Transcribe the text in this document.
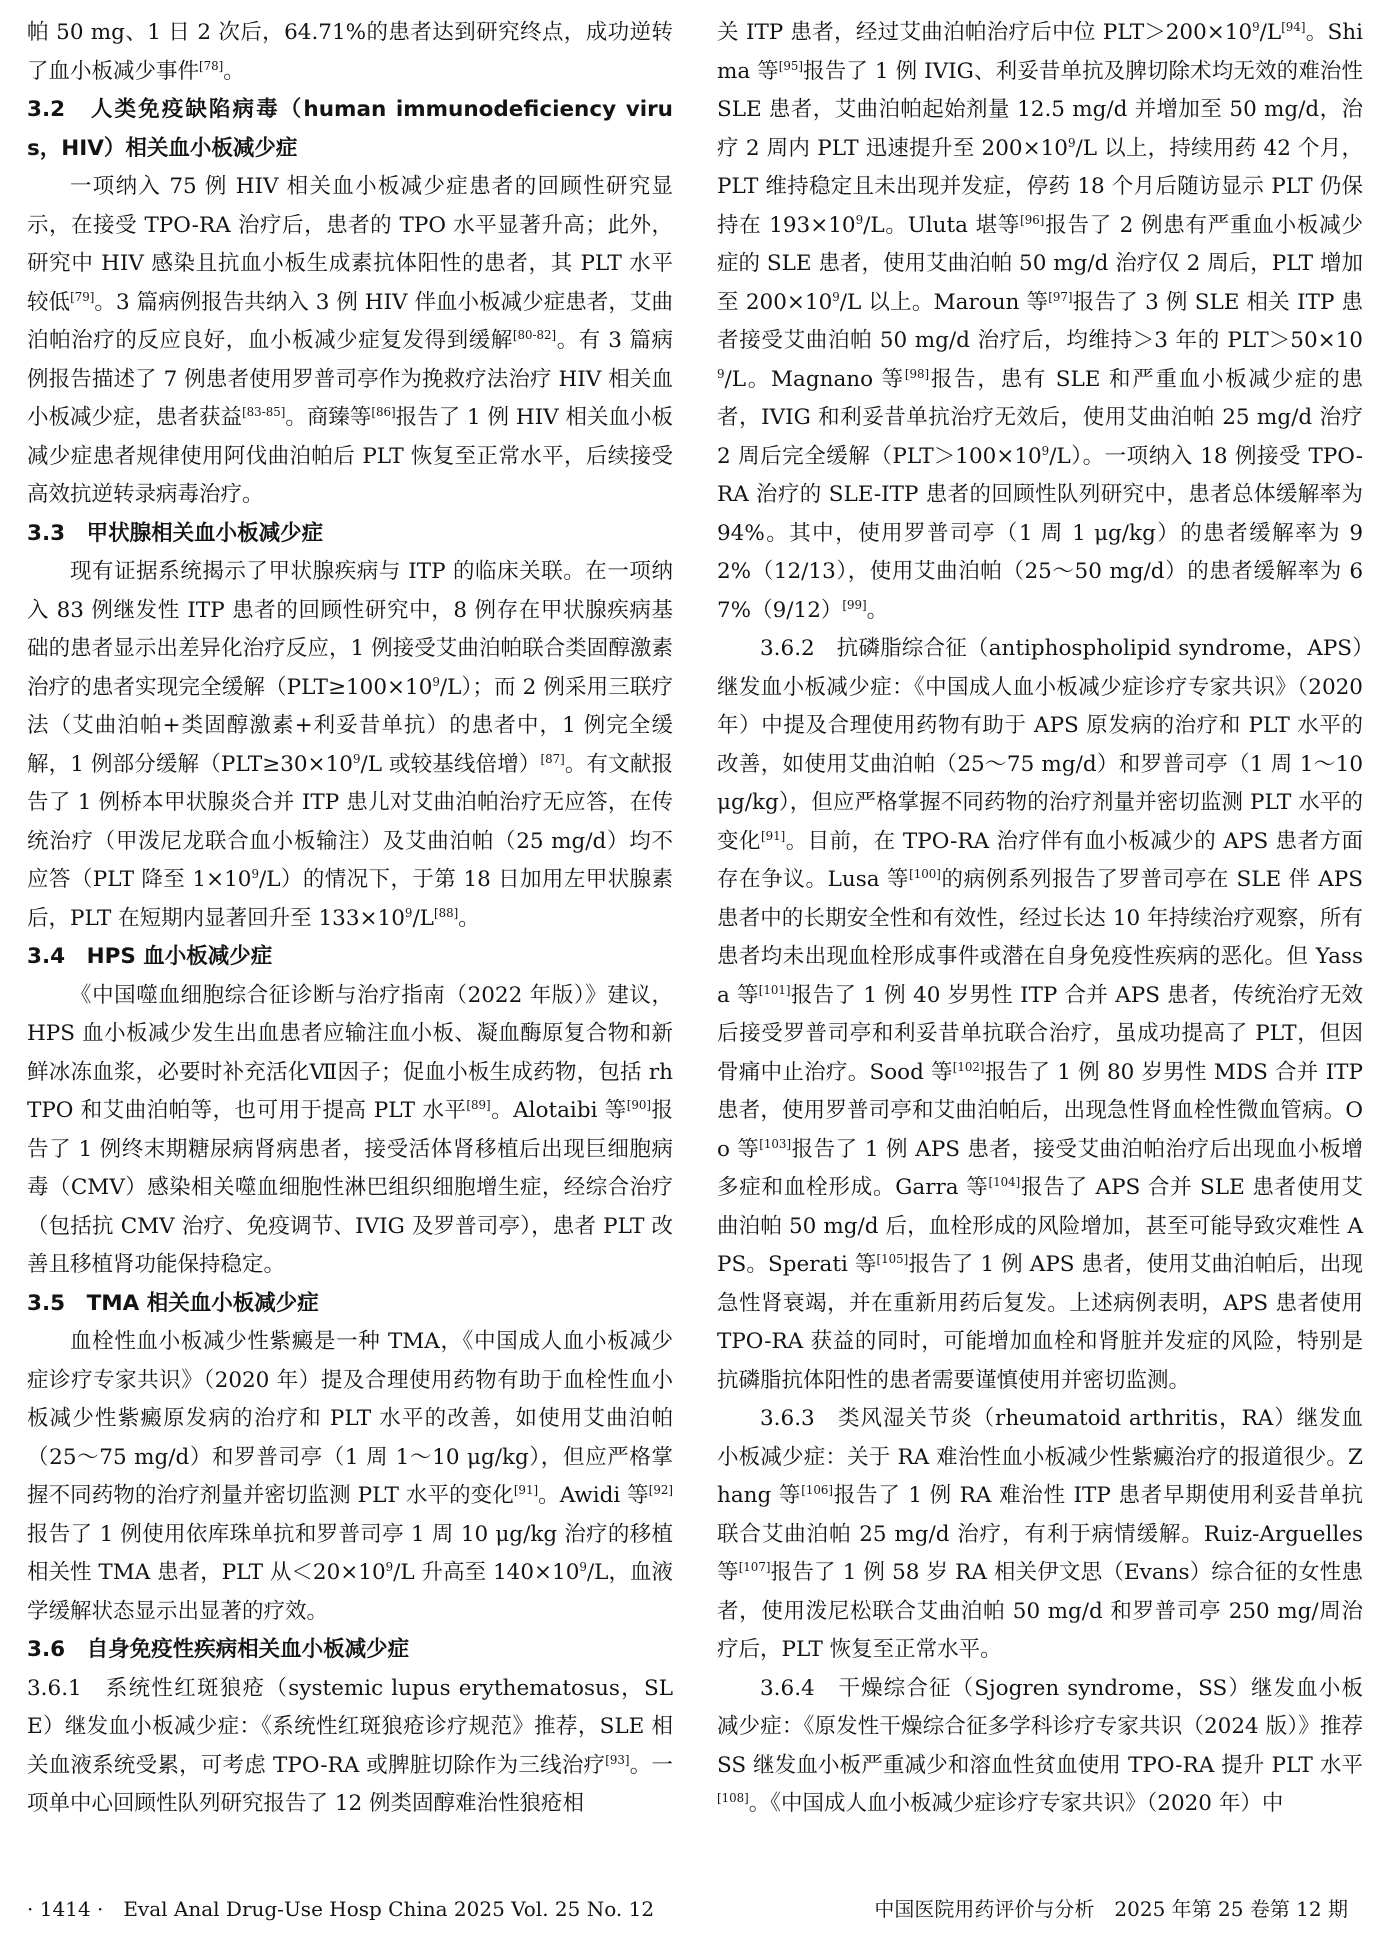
帕 50 mg、1 日 2 次后，64.71%的患者达到研究终点，成功逆转了血小板减少事件[78]。

3.2　人类免疫缺陷病毒（human immunodeficiency virus，HIV）相关血小板减少症

一项纳入 75 例 HIV 相关血小板减少症患者的回顾性研究显示，在接受 TPO-RA 治疗后，患者的 TPO 水平显著升高；此外，研究中 HIV 感染且抗血小板生成素抗体阳性的患者，其 PLT 水平较低[79]。3 篇病例报告共纳入 3 例 HIV 伴血小板减少症患者，艾曲泊帕治疗的反应良好，血小板减少症复发得到缓解[80-82]。有 3 篇病例报告描述了 7 例患者使用罗普司亭作为挽救疗法治疗 HIV 相关血小板减少症，患者获益[83-85]。商臻等[86]报告了 1 例 HIV 相关血小板减少症患者规律使用阿伐曲泊帕后 PLT 恢复至正常水平，后续接受高效抗逆转录病毒治疗。

3.3　甲状腺相关血小板减少症

现有证据系统揭示了甲状腺疾病与 ITP 的临床关联。在一项纳入 83 例继发性 ITP 患者的回顾性研究中，8 例存在甲状腺疾病基础的患者显示出差异化治疗反应，1 例接受艾曲泊帕联合类固醇激素治疗的患者实现完全缓解$(PLT\ge 100\times 10^9/L)$；而 2 例采用三联疗法（艾曲泊帕+类固醇激素+利妥昔单抗）的患者中，1 例完全缓解，1 例部分缓解（$PLT\ge 30\times 10^9/L$ 或较基线倍增）[87]。有文献报告了 1 例桥本甲状腺炎合并 ITP 患儿对艾曲泊帕治疗无应答，在传统治疗（甲泼尼龙联合血小板输注）及艾曲泊帕（25 mg/d）均不应答（PLT 降至 $1\times 10^9/L$）的情况下，于第 18 日加用左甲状腺素后，PLT 在短期内显著回升至 $133\times 10^9/L[88]$。

3.4　HPS 血小板减少症

《中国噬血细胞综合征诊断与治疗指南（2022 年版）》建议，HPS 血小板减少发生出血患者应输注血小板、凝血酶原复合物和新鲜冰冻血浆，必要时补充活化Ⅶ因子；促血小板生成药物，包括 rhTPO 和艾曲泊帕等，也可用于提高 PLT 水平[89]。Alotaibi 等[90]报告了 1 例终末期糖尿病肾病患者，接受活体肾移植后出现巨细胞病毒（CMV）感染相关噬血细胞性淋巴组织细胞增生症，经综合治疗（包括抗 CMV 治疗、免疫调节、IVIG 及罗普司亭），患者 PLT 改善且移植肾功能保持稳定。

3.5　TMA 相关血小板减少症

血栓性血小板减少性紫癜是一种 TMA，《中国成人血小板减少症诊疗专家共识》（2020 年）提及合理使用药物有助于血栓性血小板减少性紫癜原发病的治疗和 PLT 水平的改善，如使用艾曲泊帕（25～75 mg/d）和罗普司亭（1 周 1～10 μg/kg），但应严格掌握不同药物的治疗剂量并密切监测 PLT 水平的变化[91]。Awidi 等[92]报告了 1 例使用依库珠单抗和罗普司亭 1 周 10 μg/kg 治疗的移植相关性 TMA 患者，PLT 从$<20\times 10^9/L$ 升高至 $140\times 10^9/L$，血液学缓解状态显示出显著的疗效。

3.6　自身免疫性疾病相关血小板减少症

3.6.1　系统性红斑狼疮（systemic lupus erythematosus，SLE）继发血小板减少症：《系统性红斑狼疮诊疗规范》推荐，SLE 相关血液系统受累，可考虑 TPO-RA 或脾脏切除作为三线治疗[93]。一项单中心回顾性队列研究报告了 12 例类固醇难治性狼疮相

关 ITP 患者，经过艾曲泊帕治疗后中位 $PLT>200\times 10^9/L[94]$。Shima 等[95]报告了 1 例 IVIG、利妥昔单抗及脾切除术均无效的难治性 SLE 患者，艾曲泊帕起始剂量 12.5 mg/d 并增加至 50 mg/d，治疗 2 周内 PLT 迅速提升至 $200\times 10^9/L$ 以上，持续用药 42 个月，PLT 维持稳定且未出现并发症，停药 18 个月后随访显示 PLT 仍保持在 $193\times 10^9/L$。Uluta 堪等[96]报告了 2 例患有严重血小板减少症的 SLE 患者，使用艾曲泊帕 50 mg/d 治疗仅 2 周后，PLT 增加至 $200\times 10^9/L$ 以上。Maroun 等[97]报告了 3 例 SLE 相关 ITP 患者接受艾曲泊帕 50 mg/d 治疗后，均维持＞3 年的 $PLT>50\times 10^9/L$。Magnano 等[98]报告，患有 SLE 和严重血小板减少症的患者，IVIG 和利妥昔单抗治疗无效后，使用艾曲泊帕 25 mg/d 治疗 2 周后完全缓解$(PLT>100\times 10^9/L)$。一项纳入 18 例接受 TPO-RA 治疗的 SLE-ITP 患者的回顾性队列研究中，患者总体缓解率为 94%。其中，使用罗普司亭（1 周 1 μg/kg）的患者缓解率为 92%（12/13），使用艾曲泊帕（25～50 mg/d）的患者缓解率为 67%（9/12）[99]。

3.6.2　抗磷脂综合征（antiphospholipid syndrome，APS）继发血小板减少症：《中国成人血小板减少症诊疗专家共识》（2020 年）中提及合理使用药物有助于 APS 原发病的治疗和 PLT 水平的改善，如使用艾曲泊帕（25～75 mg/d）和罗普司亭（1 周 1～10 μg/kg），但应严格掌握不同药物的治疗剂量并密切监测 PLT 水平的变化[91]。目前，在 TPO-RA 治疗伴有血小板减少的 APS 患者方面存在争议。Lusa 等[100]的病例系列报告了罗普司亭在 SLE 伴 APS 患者中的长期安全性和有效性，经过长达 10 年持续治疗观察，所有患者均未出现血栓形成事件或潜在自身免疫性疾病的恶化。但 Yassa 等[101]报告了 1 例 40 岁男性 ITP 合并 APS 患者，传统治疗无效后接受罗普司亭和利妥昔单抗联合治疗，虽成功提高了 PLT，但因骨痛中止治疗。Sood 等[102]报告了 1 例 80 岁男性 MDS 合并 ITP 患者，使用罗普司亭和艾曲泊帕后，出现急性肾血栓性微血管病。Oo 等[103]报告了 1 例 APS 患者，接受艾曲泊帕治疗后出现血小板增多症和血栓形成。Garra 等[104]报告了 APS 合并 SLE 患者使用艾曲泊帕 50 mg/d 后，血栓形成的风险增加，甚至可能导致灾难性 APS。Sperati 等[105]报告了 1 例 APS 患者，使用艾曲泊帕后，出现急性肾衰竭，并在重新用药后复发。上述病例表明，APS 患者使用 TPO-RA 获益的同时，可能增加血栓和肾脏并发症的风险，特别是抗磷脂抗体阳性的患者需要谨慎使用并密切监测。

3.6.3　类风湿关节炎（rheumatoid arthritis，RA）继发血小板减少症：关于 RA 难治性血小板减少性紫癜治疗的报道很少。Zhang 等[106]报告了 1 例 RA 难治性 ITP 患者早期使用利妥昔单抗联合艾曲泊帕 25 mg/d 治疗，有利于病情缓解。Ruiz-Arguelles 等[107]报告了 1 例 58 岁 RA 相关伊文思（Evans）综合征的女性患者，使用泼尼松联合艾曲泊帕 50 mg/d 和罗普司亭 250 mg/周治疗后，PLT 恢复至正常水平。

3.6.4　干燥综合征（Sjogren syndrome，SS）继发血小板减少症：《原发性干燥综合征多学科诊疗专家共识（2024 版）》推荐 SS 继发血小板严重减少和溶血性贫血使用 TPO-RA 提升 PLT 水平[108]。《中国成人血小板减少症诊疗专家共识》（2020 年）中

· 1414 ·　Eval Anal Drug-Use Hosp China 2025 Vol. 25 No. 12	中国医院用药评价与分析　2025 年第 25 卷第 12 期
